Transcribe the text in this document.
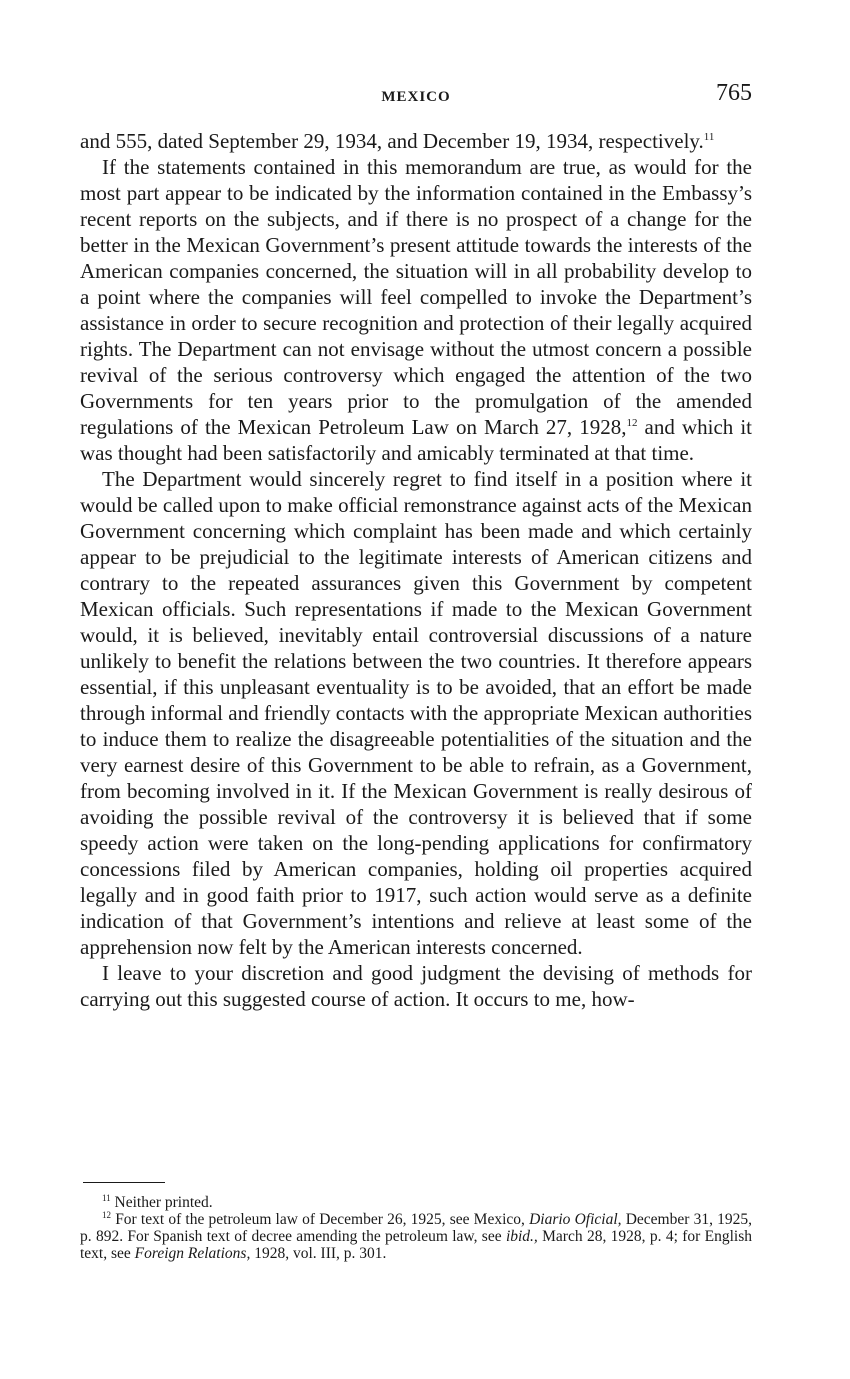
MEXICO	765

and 555, dated September 29, 1934, and December 19, 1934, respectively.$^{11}$

If the statements contained in this memorandum are true, as would for the most part appear to be indicated by the information contained in the Embassy’s recent reports on the subjects, and if there is no prospect of a change for the better in the Mexican Government’s present attitude towards the interests of the American companies concerned, the situation will in all probability develop to a point where the companies will feel compelled to invoke the Department’s assistance in order to secure recognition and protection of their legally acquired rights. The Department can not envisage without the utmost concern a possible revival of the serious controversy which engaged the attention of the two Governments for ten years prior to the promulgation of the amended regulations of the Mexican Petroleum Law on March 27, 1928,12 and which it was thought had been satisfactorily and amicably terminated at that time.

The Department would sincerely regret to find itself in a position where it would be called upon to make official remonstrance against acts of the Mexican Government concerning which complaint has been made and which certainly appear to be prejudicial to the legitimate interests of American citizens and contrary to the repeated assurances given this Government by competent Mexican officials. Such representations if made to the Mexican Government would, it is believed, inevitably entail controversial discussions of a nature unlikely to benefit the relations between the two countries. It therefore appears essential, if this unpleasant eventuality is to be avoided, that an effort be made through informal and friendly contacts with the appropriate Mexican authorities to induce them to realize the disagreeable potentialities of the situation and the very earnest desire of this Government to be able to refrain, as a Government, from becoming involved in it. If the Mexican Government is really desirous of avoiding the possible revival of the controversy it is believed that if some speedy action were taken on the long-pending applications for confirmatory concessions filed by American companies, holding oil properties acquired legally and in good faith prior to 1917, such action would serve as a definite indication of that Government’s intentions and relieve at least some of the apprehension now felt by the American interests concerned.

I leave to your discretion and good judgment the devising of methods for carrying out this suggested course of action. It occurs to me, how-

$^{11}$ Neither printed.

$^{12}$ For text of the petroleum law of December 26, 1925, see Mexico, Diario Oficial, December 31, 1925, p. 892. For Spanish text of decree amending the petroleum law, see ibid., March 28, 1928, p. 4; for English text, see Foreign Relations, 1928, vol. III, p. 301.
